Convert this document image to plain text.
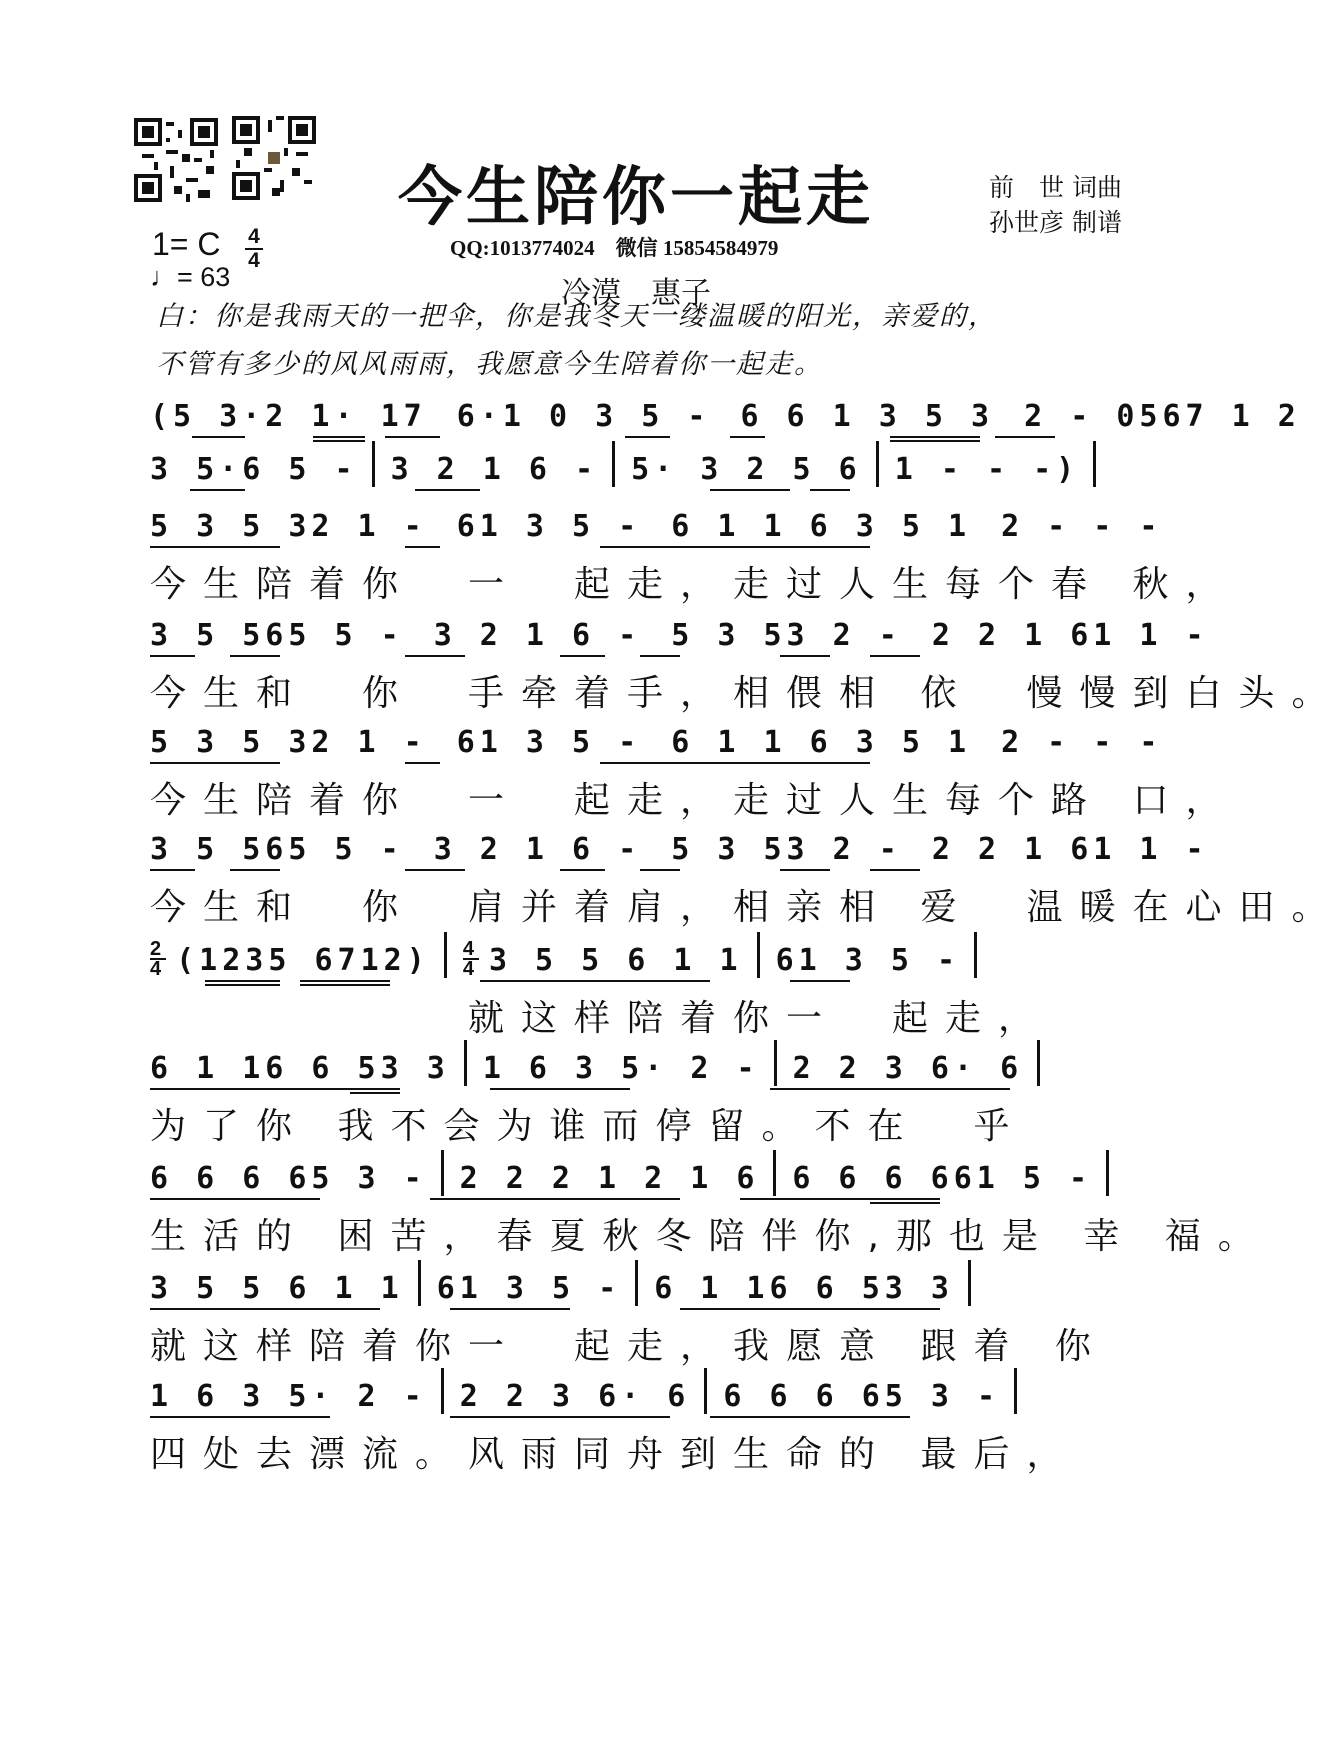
今生陪你一起走	前　世 词曲
孙世彦 制谱
QQ:1013774024　微信 15854584979
1= C 4
4
♩= 63	冷漠　惠子
白：你是我雨天的一把伞，你是我冬天一缕温暖的阳光，亲爱的，
不管有多少的风风雨雨，我愿意今生陪着你一起走。
(5 3·2 1· 17 6·1 0 3 5 - 6 6 1 3 5 3 2 - 0567 1 2
3 5·6 5 - 3 2 1 6 - 5· 3 2 5 6 1 - - -)
5 3 5 32 1 - 61 3 5 - 6 1 1 6 3 5 1 2 - - -
今生陪着你　一　起走，走过人生每个春 秋，
3 5 565 5 - 3 2 1 6 - 5 3 53 2 - 2 2 1 61 1 -
今生和　你　手牵着手，相偎相 依　慢慢到白头。
5 3 5 32 1 - 61 3 5 - 6 1 1 6 3 5 1 2 - - -
今生陪着你　一　起走，走过人生每个路 口，
3 5 565 5 - 3 2 1 6 - 5 3 53 2 - 2 2 1 61 1 -
今生和　你　肩并着肩，相亲相 爱　温暖在心田。
2
4 (1235 6712) 4
4 3 5 5 6 1 1 61 3 5 -
　　　　　　就这样陪着你一　起走，
6 1 16 6 53 3 1 6 3 5· 2 - 2 2 3 6· 6
为了你 我不会为谁而停留。不在　乎
6 6 6 65 3 - 2 2 2 1 2 1 6 6 6 6 661 5 -
生活的 困苦，春夏秋冬陪伴你,那也是 幸 福。
3 5 5 6 1 1 61 3 5 - 6 1 16 6 53 3
就这样陪着你一　起走，我愿意 跟着 你
1 6 3 5· 2 - 2 2 3 6· 6 6 6 6 65 3 -
四处去漂流。风雨同舟到生命的 最后，
